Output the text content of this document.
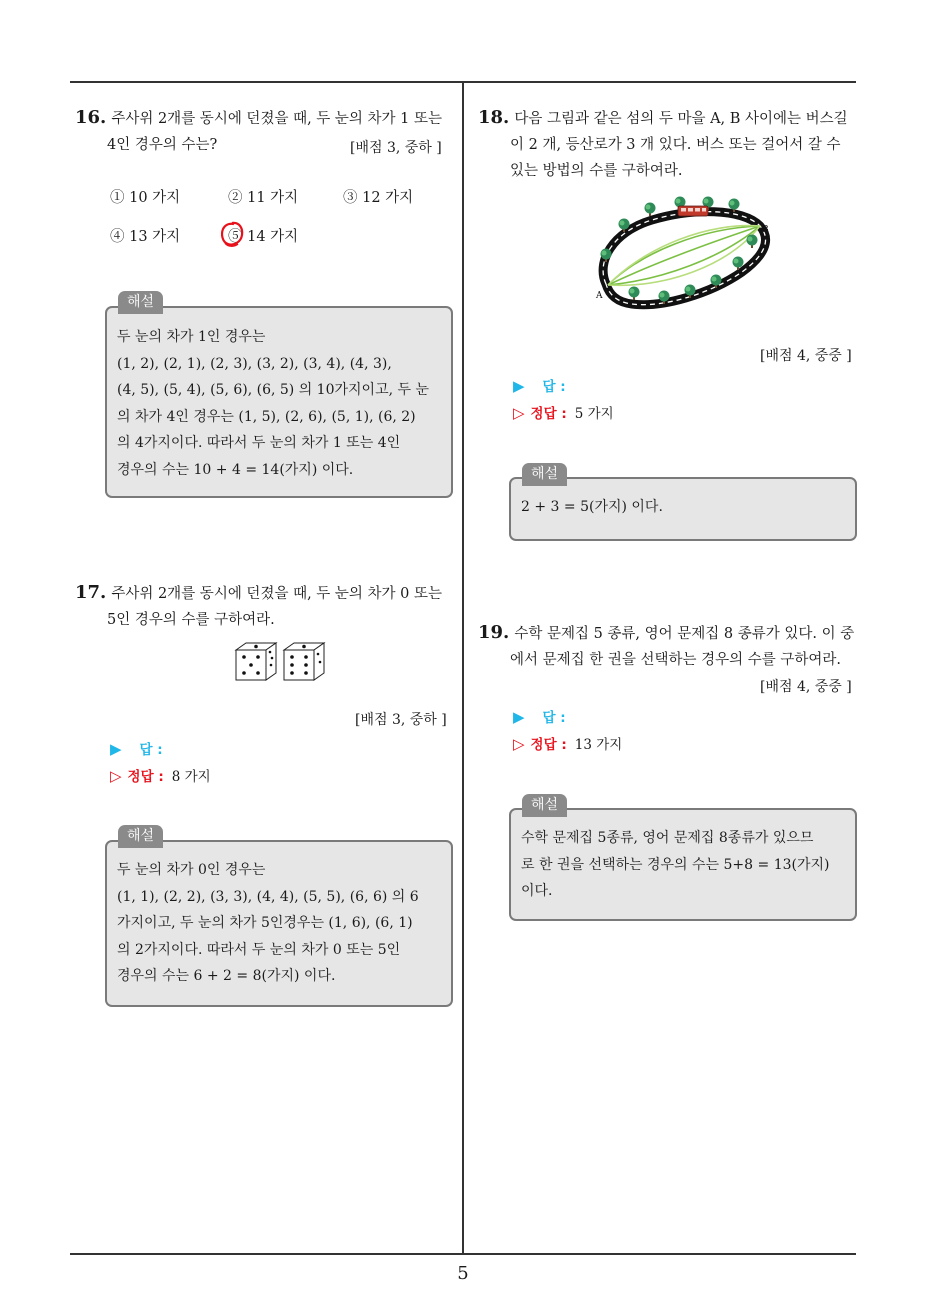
5
16. 주사위 2개를 동시에 던졌을 때, 두 눈의 차가 1 또는
4인 경우의 수는?	[배점 3, 중하 ]
① 10 가지	② 11 가지	③ 12 가지
④ 13 가지	⑤ 14 가지
해설
두 눈의 차가 1인 경우는
(1, 2), (2, 1), (2, 3), (3, 2), (3, 4), (4, 3),
(4, 5), (5, 4), (5, 6), (6, 5) 의 10가지이고, 두 눈
의 차가 4인 경우는 (1, 5), (2, 6), (5, 1), (6, 2)
의 4가지이다. 따라서 두 눈의 차가 1 또는 4인
경우의 수는 10 + 4 = 14(가지) 이다.
17. 주사위 2개를 동시에 던졌을 때, 두 눈의 차가 0 또는
5인 경우의 수를 구하여라.
[배점 3, 중하 ]
▶ 답 :
▷ 정답 : 8 가지
해설
두 눈의 차가 0인 경우는
(1, 1), (2, 2), (3, 3), (4, 4), (5, 5), (6, 6) 의 6
가지이고, 두 눈의 차가 5인경우는 (1, 6), (6, 1)
의 2가지이다. 따라서 두 눈의 차가 0 또는 5인
경우의 수는 6 + 2 = 8(가지) 이다.
18. 다음 그림과 같은 섬의 두 마을 A, B 사이에는 버스길
이 2 개, 등산로가 3 개 있다. 버스 또는 걸어서 갈 수
있는 방법의 수를 구하여라.
A
B
[배점 4, 중중 ]
▶ 답 :
▷ 정답 : 5 가지
해설
2 + 3 = 5(가지) 이다.
19. 수학 문제집 5 종류, 영어 문제집 8 종류가 있다. 이 중
에서 문제집 한 권을 선택하는 경우의 수를 구하여라.
[배점 4, 중중 ]
▶ 답 :
▷ 정답 : 13 가지
해설
수학 문제집 5종류, 영어 문제집 8종류가 있으므
로 한 권을 선택하는 경우의 수는 5+8 = 13(가지)
이다.
